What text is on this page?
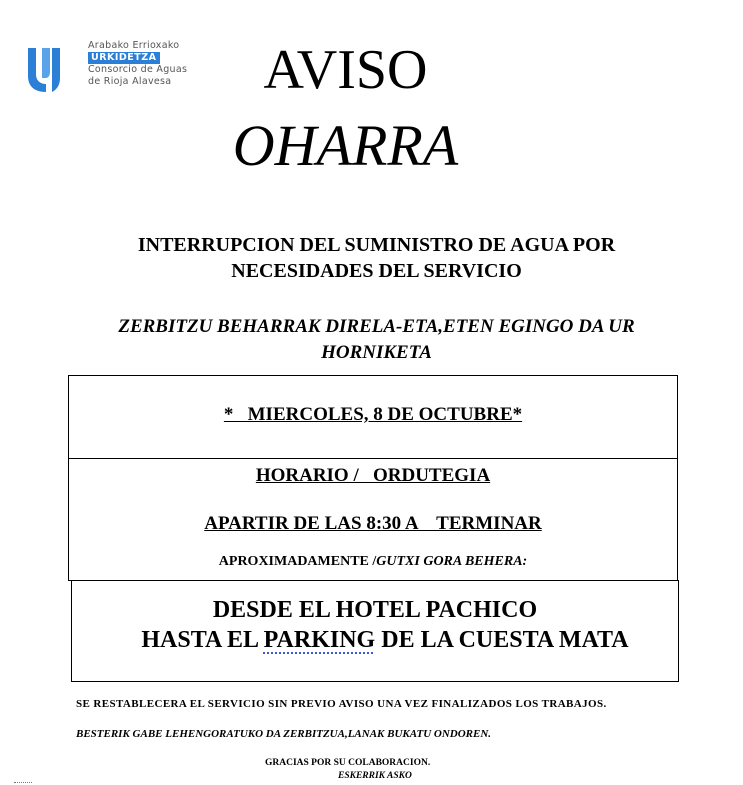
Arabako Errioxako
URKIDETZA
Consorcio de Aguas
de Rioja Alavesa	AVISO
OHARRA
INTERRUPCION DEL SUMINISTRO DE AGUA POR
NECESIDADES DEL SERVICIO
ZERBITZU BEHARRAK DIRELA-ETA,ETEN EGINGO DA UR
HORNIKETA
*   MIERCOLES, 8 DE OCTUBRE*
HORARIO /   ORDUTEGIA
APARTIR DE LAS 8:30 A    TERMINAR
APROXIMADAMENTE /GUTXI GORA BEHERA:
DESDE EL HOTEL PACHICO
HASTA EL PARKING DE LA CUESTA MATA

SE RESTABLECERA EL SERVICIO SIN PREVIO AVISO UNA VEZ FINALIZADOS LOS TRABAJOS.

BESTERIK GABE LEHENGORATUKO DA ZERBITZUA,LANAK BUKATU ONDOREN.

GRACIAS POR SU COLABORACION.

ESKERRIK ASKO
